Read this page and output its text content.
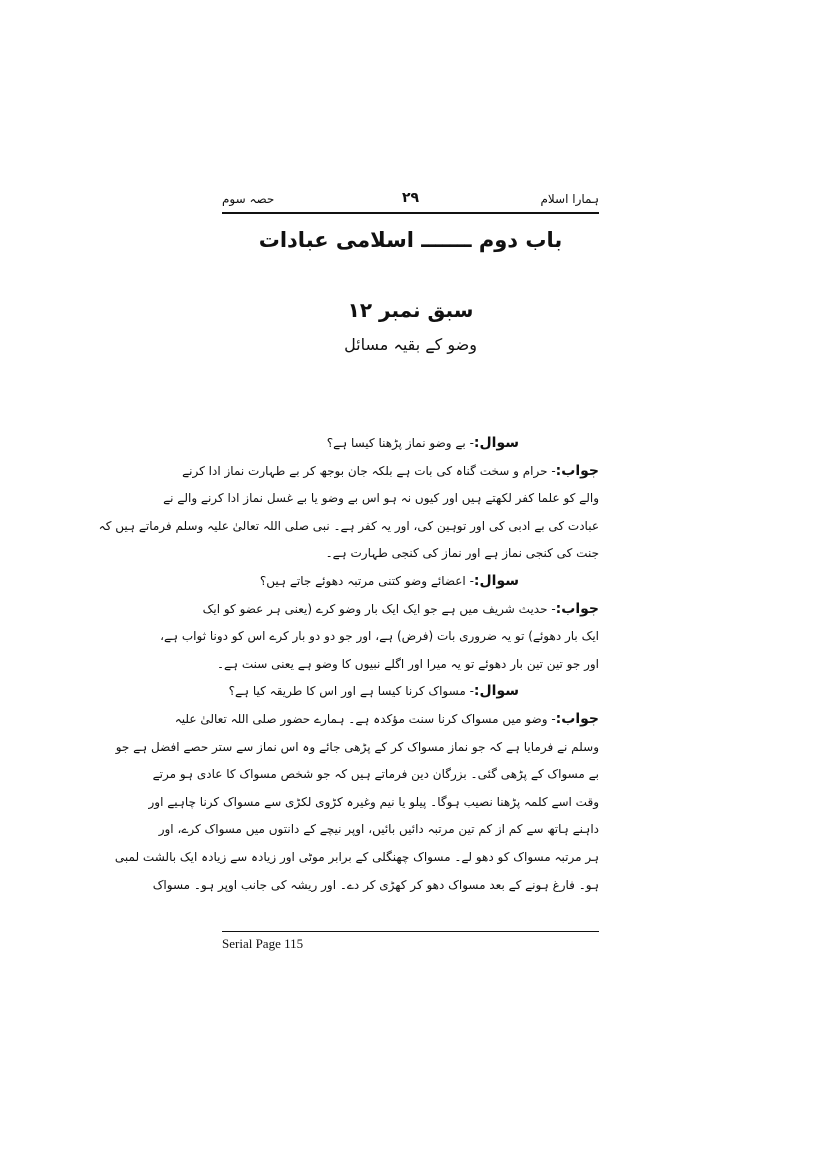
ہمارا اسلام
۲۹
حصہ سوم
باب دوم ـــــــ اسلامی عبادات
سبق نمبر ۱۲
وضو کے بقیہ مسائل
سوال:- بے وضو نماز پڑھنا کیسا ہے؟
جواب:- حرام و سخت گناہ کی بات ہے بلکہ جان بوجھ کر بے طہارت نماز ادا کرنے
والے کو علما کفر لکھتے ہیں اور کیوں نہ ہو اس بے وضو یا بے غسل نماز ادا کرنے والے نے
عبادت کی بے ادبی کی اور توہین کی، اور یہ کفر ہے۔ نبی صلی اللہ تعالیٰ علیہ وسلم فرماتے ہیں کہ
جنت کی کنجی نماز ہے اور نماز کی کنجی طہارت ہے۔
سوال:- اعضائے وضو کتنی مرتبہ دھوئے جاتے ہیں؟
جواب:- حدیث شریف میں ہے جو ایک ایک بار وضو کرے (یعنی ہر عضو کو ایک
ایک بار دھوئے) تو یہ ضروری بات (فرض) ہے، اور جو دو دو بار کرے اس کو دونا ثواب ہے،
اور جو تین تین بار دھوئے تو یہ میرا اور اگلے نبیوں کا وضو ہے یعنی سنت ہے۔
سوال:- مسواک کرنا کیسا ہے اور اس کا طریقہ کیا ہے؟
جواب:- وضو میں مسواک کرنا سنت مؤکدہ ہے۔ ہمارے حضور صلی اللہ تعالیٰ علیہ
وسلم نے فرمایا ہے کہ جو نماز مسواک کر کے پڑھی جائے وہ اس نماز سے ستر حصے افضل ہے جو
بے مسواک کے پڑھی گئی۔ بزرگان دین فرماتے ہیں کہ جو شخص مسواک کا عادی ہو مرتے
وقت اسے کلمہ پڑھنا نصیب ہوگا۔ پیلو یا نیم وغیرہ کڑوی لکڑی سے مسواک کرنا چاہیے اور
داہنے ہاتھ سے کم از کم تین مرتبہ دائیں بائیں، اوپر نیچے کے دانتوں میں مسواک کرے، اور
ہر مرتبہ مسواک کو دھو لے۔ مسواک چھنگلی کے برابر موٹی اور زیادہ سے زیادہ ایک بالشت لمبی
ہو۔ فارغ ہونے کے بعد مسواک دھو کر کھڑی کر دے۔ اور ریشہ کی جانب اوپر ہو۔ مسواک
Serial Page 115
